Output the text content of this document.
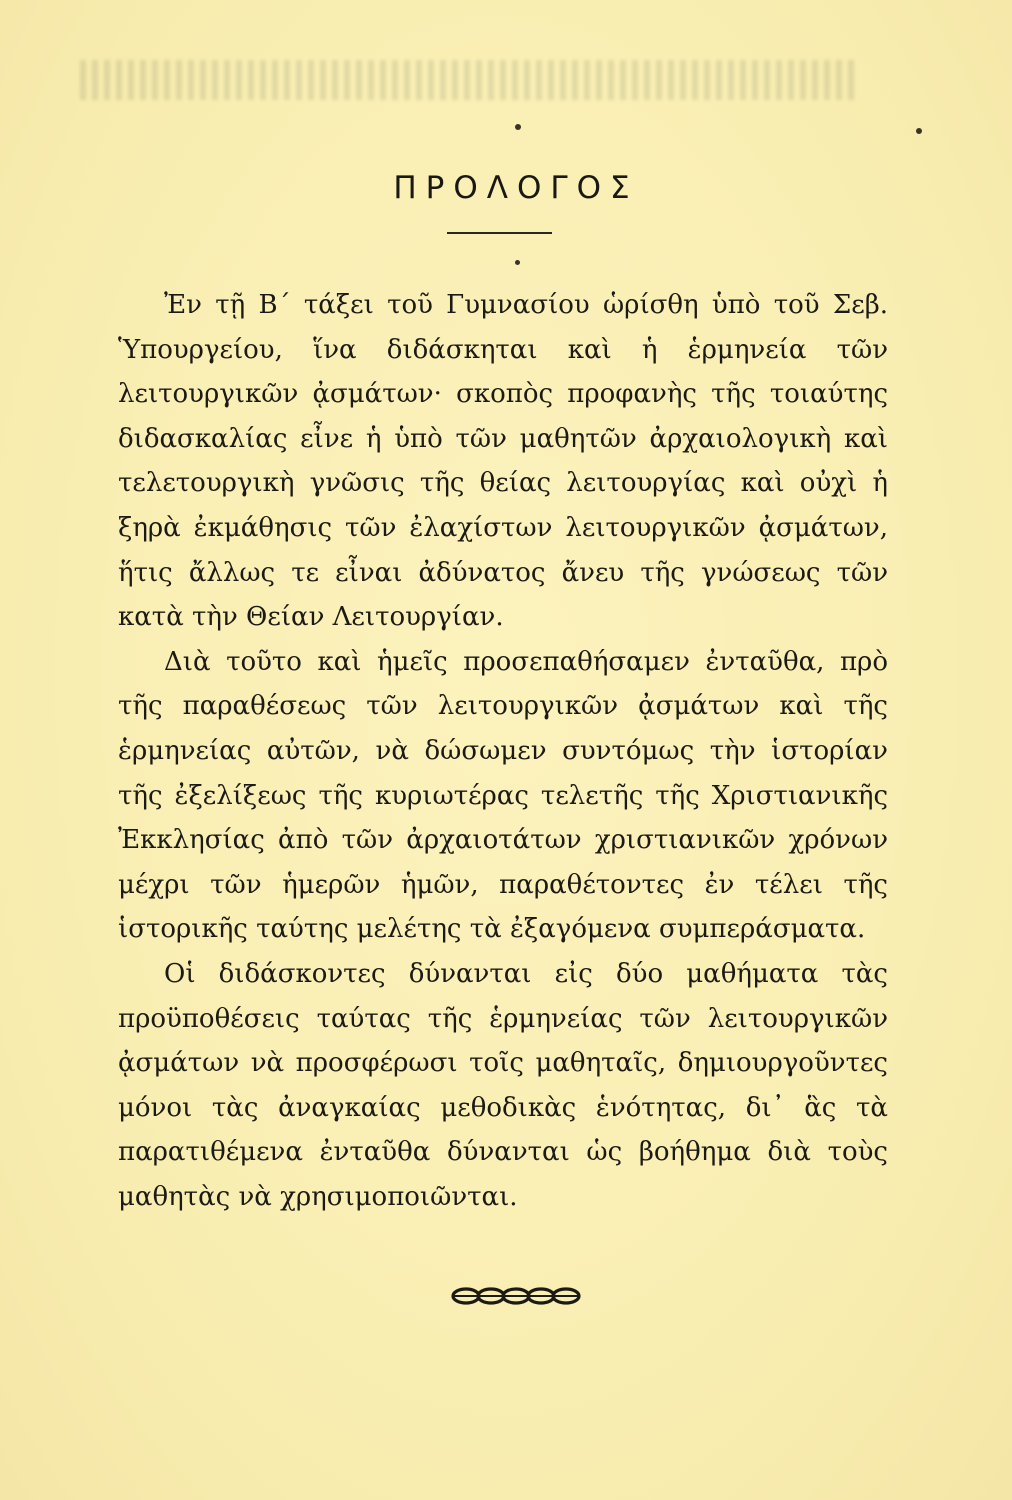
ΠΡΟΛΟΓΟΣ

Ἐν τῇ Β΄ τάξει τοῦ Γυμνασίου ὡρίσθη ὑπὸ τοῦ Σεβ. Ὑπουργείου, ἵνα διδάσκηται καὶ ἡ ἑρμηνεία τῶν λειτουργικῶν ᾀσμάτων· σκοπὸς προφανὴς τῆς τοιαύτης διδασκαλίας εἶνε ἡ ὑπὸ τῶν μαθητῶν ἀρχαιολογικὴ καὶ τελετουργικὴ γνῶσις τῆς θείας λειτουργίας καὶ οὐχὶ ἡ ξηρὰ ἐκμάθησις τῶν ἐλαχίστων λειτουργικῶν ᾀσμάτων, ἥτις ἄλλως τε εἶναι ἀδύνατος ἄνευ τῆς γνώσεως τῶν κατὰ τὴν Θείαν Λειτουργίαν.

Διὰ τοῦτο καὶ ἡμεῖς προσεπαθήσαμεν ἐνταῦθα, πρὸ τῆς παραθέσεως τῶν λειτουργικῶν ᾀσμάτων καὶ τῆς ἑρμηνείας αὐτῶν, νὰ δώσωμεν συντόμως τὴν ἱστορίαν τῆς ἐξελίξεως τῆς κυριωτέρας τελετῆς τῆς Χριστιανικῆς Ἐκκλησίας ἀπὸ τῶν ἀρχαιοτάτων χριστιανικῶν χρόνων μέχρι τῶν ἡμερῶν ἡμῶν, παραθέτοντες ἐν τέλει τῆς ἱστορικῆς ταύτης μελέτης τὰ ἐξαγόμενα συμπεράσματα.

Οἱ διδάσκοντες δύνανται εἰς δύο μαθήματα τὰς προϋποθέσεις ταύτας τῆς ἑρμηνείας τῶν λειτουργικῶν ᾀσμάτων νὰ προσφέρωσι τοῖς μαθηταῖς, δημιουργοῦντες μόνοι τὰς ἀναγκαίας μεθοδικὰς ἑνότητας, δι᾿ ἃς τὰ παρατιθέμενα ἐνταῦθα δύνανται ὡς βοήθημα διὰ τοὺς μαθητὰς νὰ χρησιμοποιῶνται.
